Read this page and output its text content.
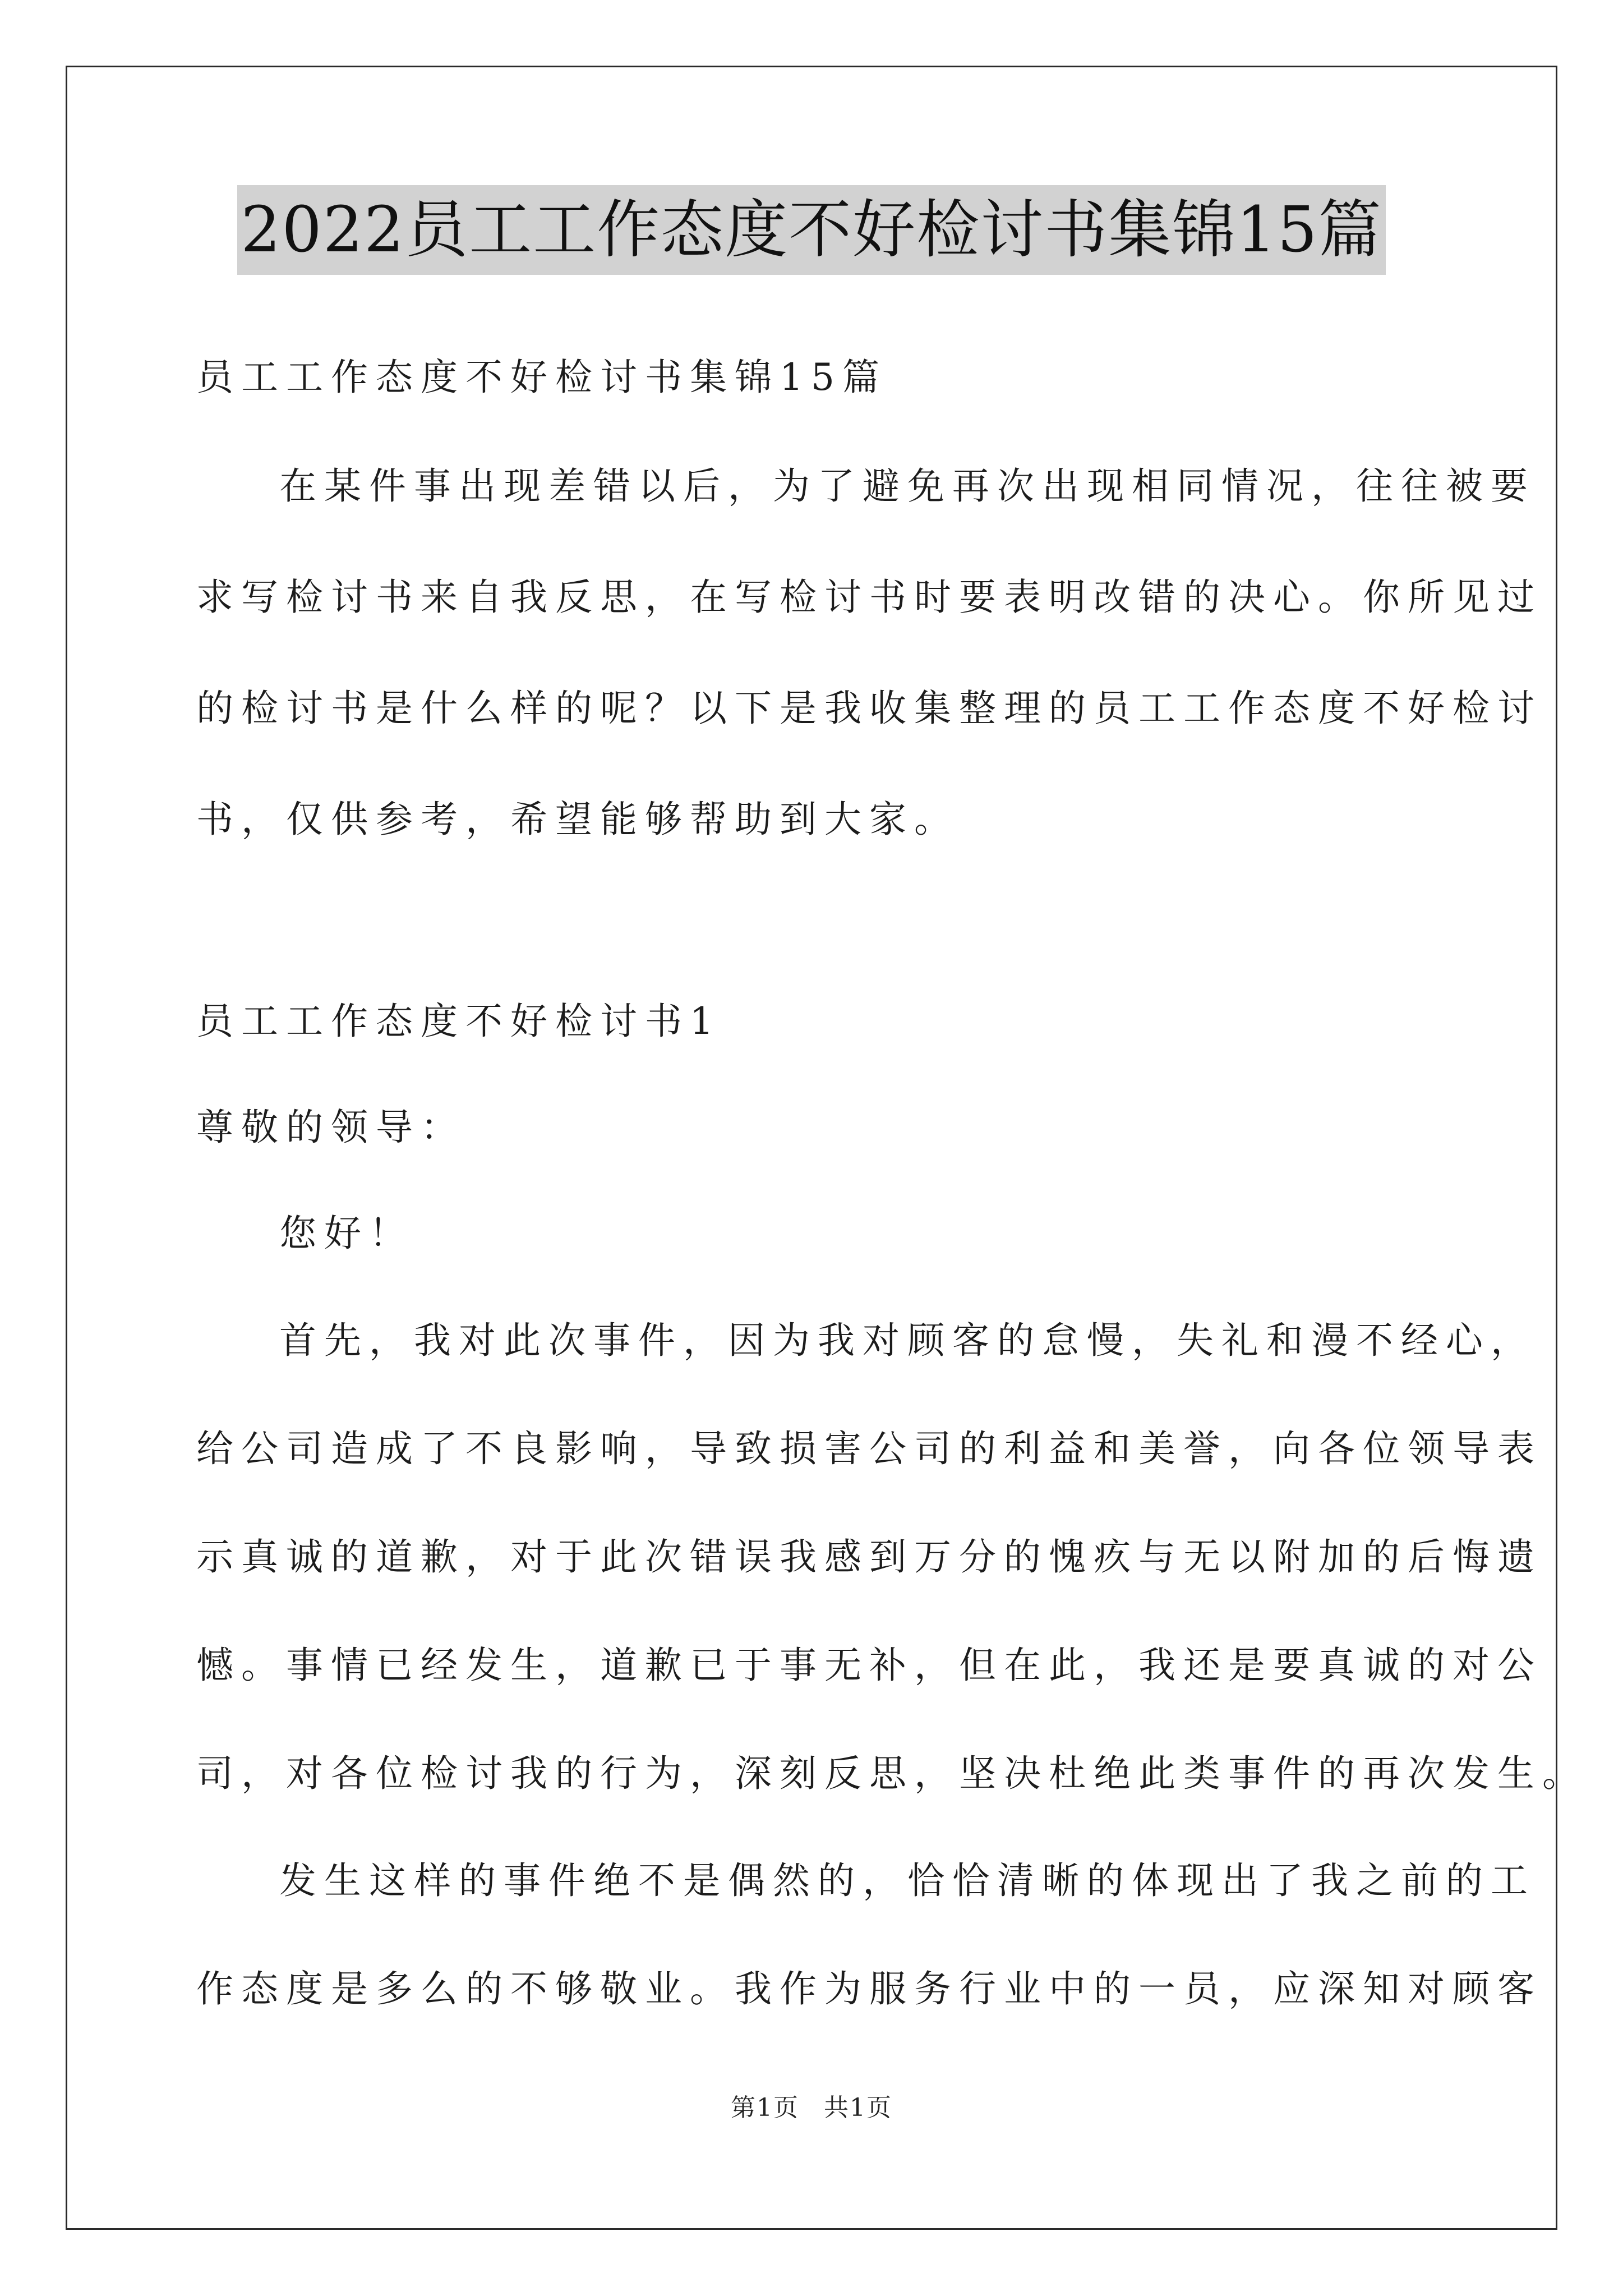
2022员工工作态度不好检讨书集锦15篇
员工工作态度不好检讨书集锦15篇
在某件事出现差错以后，为了避免再次出现相同情况，往往被要
求写检讨书来自我反思，在写检讨书时要表明改错的决心。你所见过
的检讨书是什么样的呢？以下是我收集整理的员工工作态度不好检讨
书，仅供参考，希望能够帮助到大家。
员工工作态度不好检讨书1
尊敬的领导：
您好！
首先，我对此次事件，因为我对顾客的怠慢，失礼和漫不经心，
给公司造成了不良影响，导致损害公司的利益和美誉，向各位领导表
示真诚的道歉，对于此次错误我感到万分的愧疚与无以附加的后悔遗
憾。事情已经发生，道歉已于事无补，但在此，我还是要真诚的对公
司，对各位检讨我的行为，深刻反思，坚决杜绝此类事件的再次发生。
发生这样的事件绝不是偶然的，恰恰清晰的体现出了我之前的工
作态度是多么的不够敬业。我作为服务行业中的一员，应深知对顾客
第1页 共1页
